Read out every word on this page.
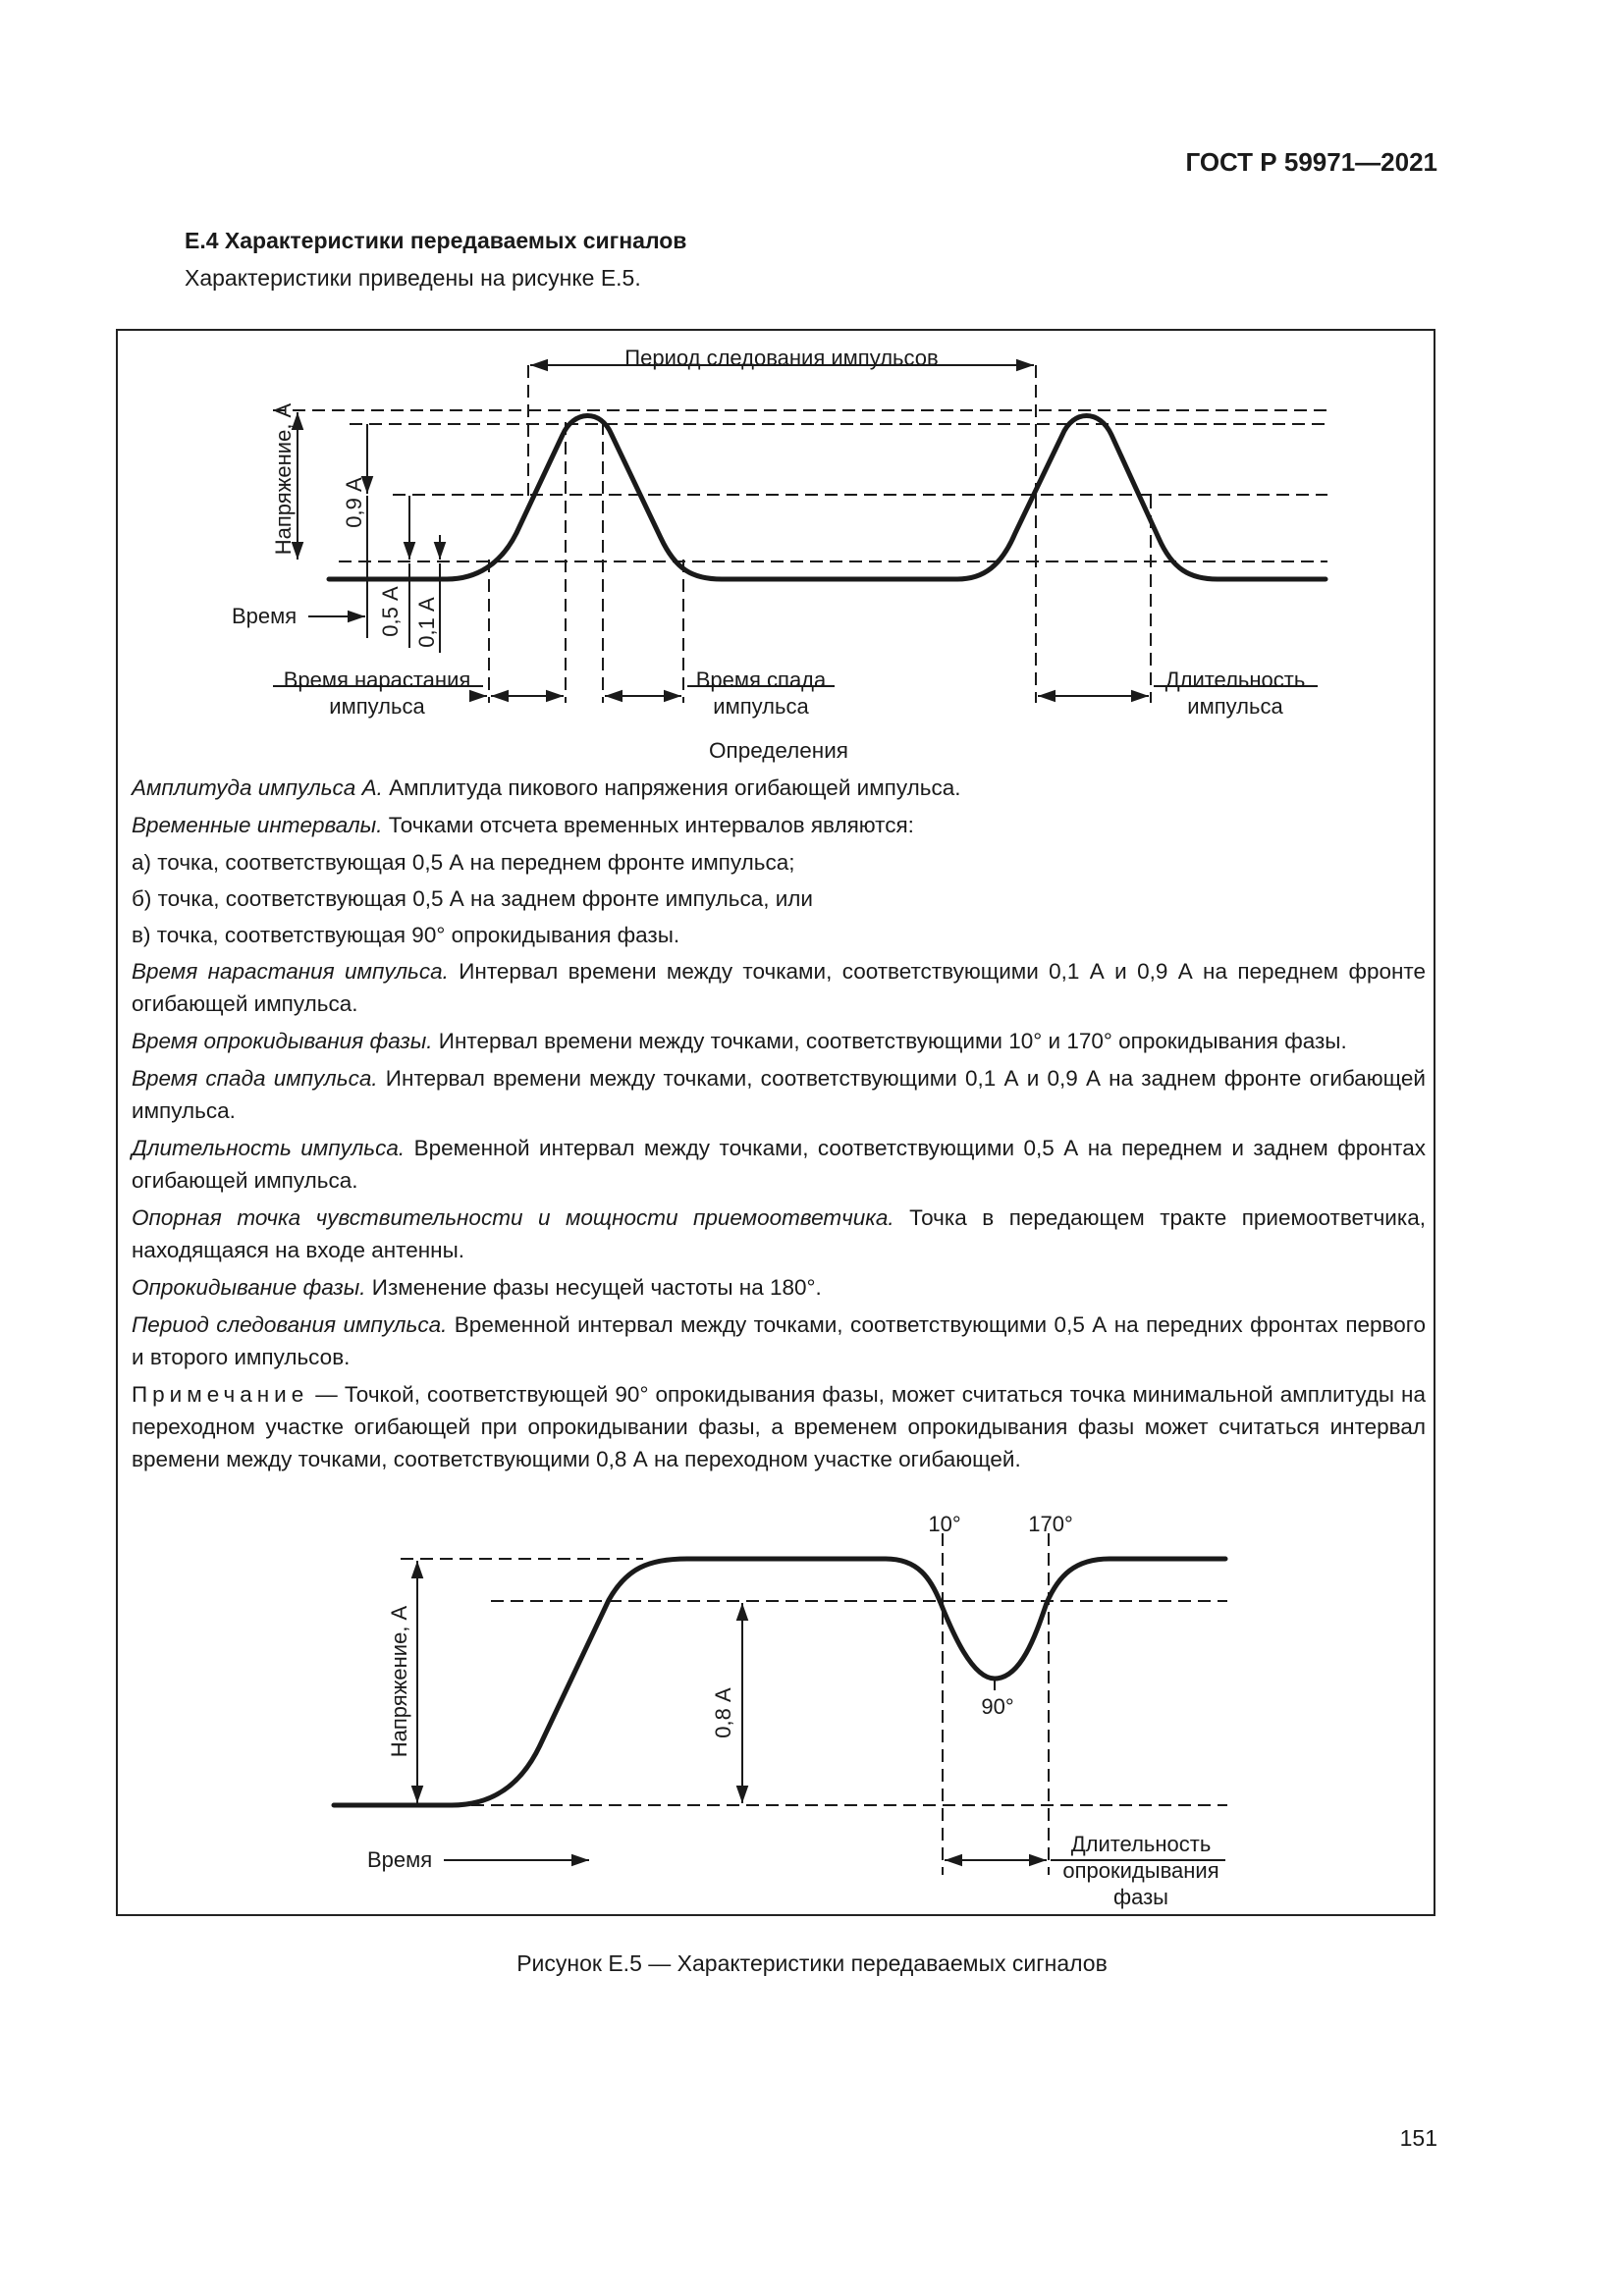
ГОСТ Р 59971—2021
Е.4 Характеристики передаваемых сигналов
Характеристики приведены на рисунке Е.5.
Период следования импульсов
Напряжение, А 0,9 А
0,5 А 0,1 А
Время
Время нарастания
импульса
Время спада
импульса
Длительность
импульса
Определения

Амплитуда импульса А. Амплитуда пикового напряжения огибающей импульса.

Временные интервалы. Точками отсчета временных интервалов являются:

а) точка, соответствующая 0,5 А на переднем фронте импульса;

б) точка, соответствующая 0,5 А на заднем фронте импульса, или

в) точка, соответствующая 90° опрокидывания фазы.

Время нарастания импульса. Интервал времени между точками, соответствующими 0,1 А и 0,9 А на переднем фронте огибающей импульса.

Время опрокидывания фазы. Интервал времени между точками, соответствующими 10° и 170° опрокидывания фазы.

Время спада импульса. Интервал времени между точками, соответствующими 0,1 А и 0,9 А на заднем фронте огибающей импульса.

Длительность импульса. Временной интервал между точками, соответствующими 0,5 А на переднем и заднем фронтах огибающей импульса.

Опорная точка чувствительности и мощности приемоответчика. Точка в передающем тракте приемоответчика, находящаяся на входе антенны.

Опрокидывание фазы. Изменение фазы несущей частоты на 180°.

Период следования импульса. Временной интервал между точками, соответствующими 0,5 А на передних фронтах первого и второго импульсов.

Примечание — Точкой, соответствующей 90° опрокидывания фазы, может считаться точка минимальной амплитуды на переходном участке огибающей при опрокидывании фазы, а временем опрокидывания фазы может считаться интервал времени между точками, соответствующими 0,8 А на переходном участке огибающей.

10°	170°
90°
Напряжение, А	0,8 А
Время
Длительность
опрокидывания
фазы
Рисунок Е.5 — Характеристики передаваемых сигналов
151
